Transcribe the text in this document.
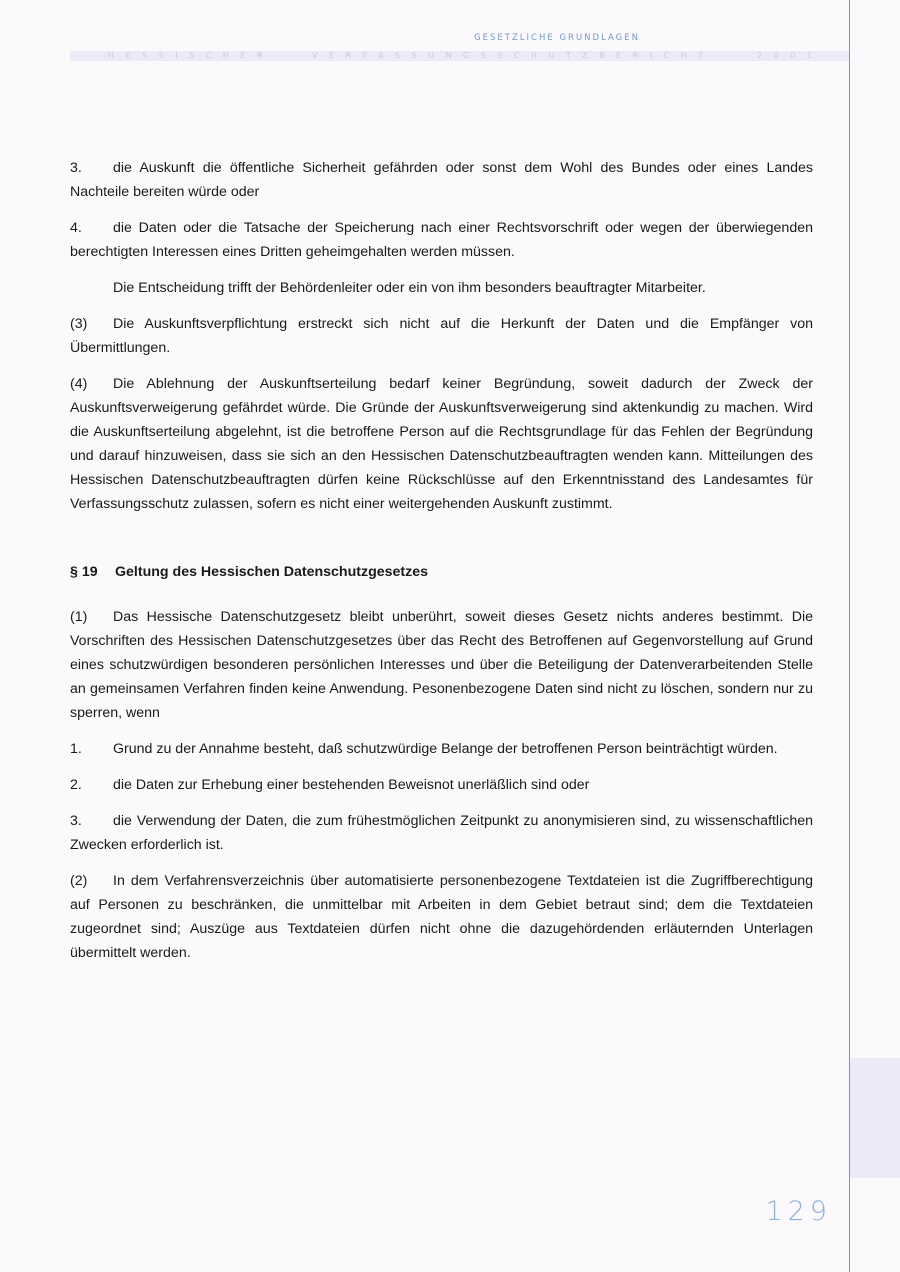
GESETZLICHE GRUNDLAGEN
HESSISCHER	VERFASSUNGSSCHUTZBERICHT	2001

3. die Auskunft die öffentliche Sicherheit gefährden oder sonst dem Wohl des Bundes oder eines Landes Nachteile bereiten würde oder

4. die Daten oder die Tatsache der Speicherung nach einer Rechtsvorschrift oder wegen der überwiegenden berechtigten Interessen eines Dritten geheimgehalten werden müssen.

Die Entscheidung trifft der Behördenleiter oder ein von ihm besonders beauftragter Mitarbeiter.

(3) Die Auskunftsverpflichtung erstreckt sich nicht auf die Herkunft der Daten und die Empfänger von Übermittlungen.

(4) Die Ablehnung der Auskunftserteilung bedarf keiner Begründung, soweit dadurch der Zweck der Auskunftsverweigerung gefährdet würde. Die Gründe der Auskunftsverweigerung sind aktenkundig zu machen. Wird die Auskunftserteilung abgelehnt, ist die betroffene Person auf die Rechtsgrundlage für das Fehlen der Begründung und darauf hinzuweisen, dass sie sich an den Hessischen Datenschutzbeauftragten wenden kann. Mitteilungen des Hessischen Datenschutzbeauftragten dürfen keine Rückschlüsse auf den Erkenntnisstand des Landesamtes für Verfassungsschutz zulassen, sofern es nicht einer weitergehenden Auskunft zustimmt.

§ 19 Geltung des Hessischen Datenschutzgesetzes

(1) Das Hessische Datenschutzgesetz bleibt unberührt, soweit dieses Gesetz nichts anderes bestimmt. Die Vorschriften des Hessischen Datenschutzgesetzes über das Recht des Betroffenen auf Gegenvorstellung auf Grund eines schutzwürdigen besonderen persönlichen Interesses und über die Beteiligung der Datenverarbeitenden Stelle an gemeinsamen Verfahren finden keine Anwendung. Pesonenbezogene Daten sind nicht zu löschen, sondern nur zu sperren, wenn

1. Grund zu der Annahme besteht, daß schutzwürdige Belange der betroffenen Person beinträchtigt würden.

2. die Daten zur Erhebung einer bestehenden Beweisnot unerläßlich sind oder

3. die Verwendung der Daten, die zum frühestmöglichen Zeitpunkt zu anonymisieren sind, zu wissenschaftlichen Zwecken erforderlich ist.

(2) In dem Verfahrensverzeichnis über automatisierte personenbezogene Textdateien ist die Zugriffberechtigung auf Personen zu beschränken, die unmittelbar mit Arbeiten in dem Gebiet betraut sind; dem die Textdateien zugeordnet sind; Auszüge aus Textdateien dürfen nicht ohne die dazugehördenden erläuternden Unterlagen übermittelt werden.

129
